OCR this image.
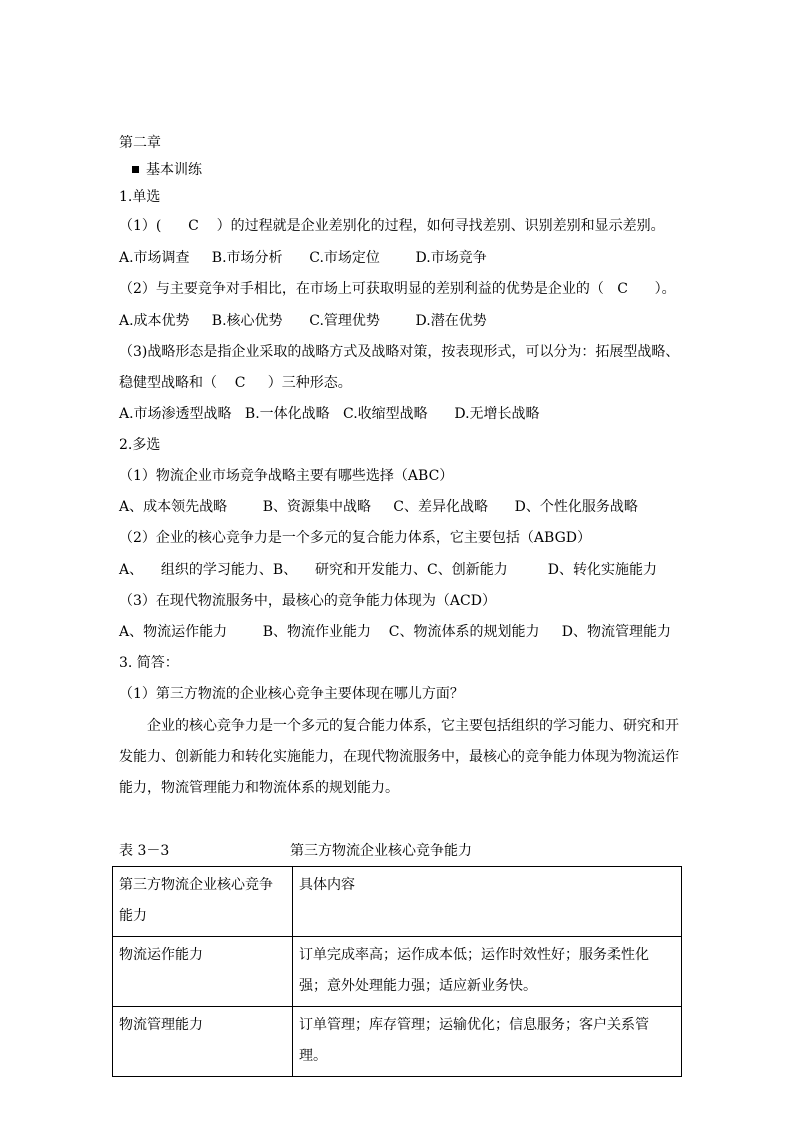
第二章
基本训练
1.单选
（1）(      C    ）的过程就是企业差别化的过程，如何寻找差别、识别差别和显示差别。
A.市场调查     B.市场分析      C.市场定位        D.市场竞争
（2）与主要竞争对手相比，在市场上可获取明显的差别利益的优势是企业的（   C      ）。
A.成本优势     B.核心优势      C.管理优势        D.潜在优势
（3)战略形态是指企业采取的战略方式及战略对策，按表现形式，可以分为：拓展型战略、
稳健型战略和（    C     ）三种形态。
A.市场渗透型战略   B.一体化战略   C.收缩型战略      D.无增长战略
2.多选
（1）物流企业市场竞争战略主要有哪些选择（ABC）
A、成本领先战略        B、资源集中战略     C、差异化战略      D、个性化服务战略
（2）企业的核心竞争力是一个多元的复合能力体系，它主要包括（ABGD）
A、    组织的学习能力、B、    研究和开发能力、C、创新能力         D、转化实施能力
（3）在现代物流服务中，最核心的竞争能力体现为（ACD）
A、物流运作能力        B、物流作业能力    C、物流体系的规划能力     D、物流管理能力
3. 简答：
（1）第三方物流的企业核心竞争主要体现在哪儿方面？
企业的核心竞争力是一个多元的复合能力体系，它主要包括组织的学习能力、研究和开
发能力、创新能力和转化实施能力，在现代物流服务中，最核心的竞争能力体现为物流运作
能力，物流管理能力和物流体系的规划能力。
表 3－3	第三方物流企业核心竞争能力
第三方物流企业核心竞争能力	具体内容
物流运作能力	订单完成率高；运作成本低；运作时效性好；服务柔性化强；意外处理能力强；适应新业务快。
物流管理能力	订单管理；库存管理；运输优化；信息服务；客户关系管理。
